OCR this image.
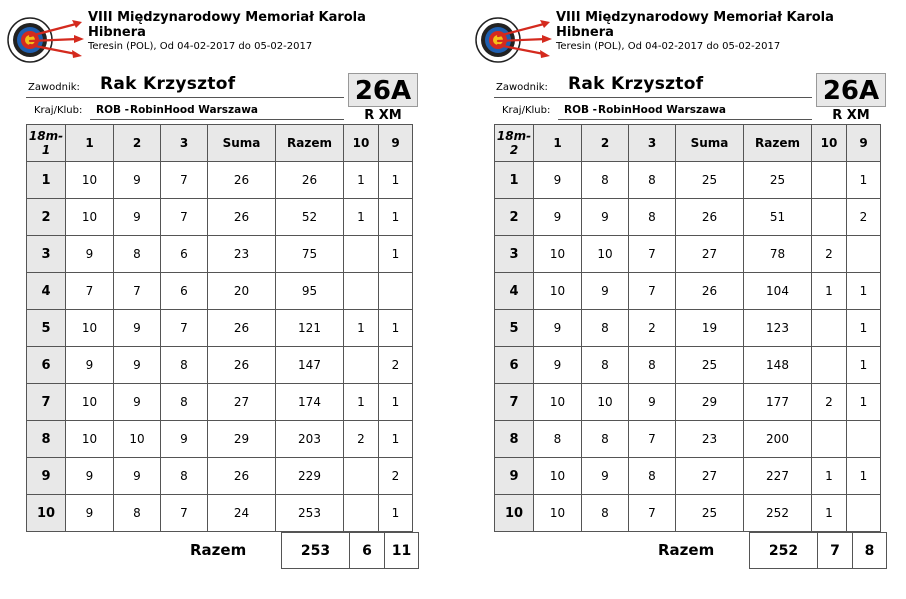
VIII Międzynarodowy Memoriał Karola Hibnera
Teresin (POL), Od 04-02-2017 do 05-02-2017
Zawodnik: Rak Krzysztof
Kraj/Klub: ROB - RobinHood Warszawa
26A
R XM
18m-1	1	2	3	Suma	Razem	10	9
1	10	9	7	26	26	1	1
2	10	9	7	26	52	1	1
3	9	8	6	23	75		1
4	7	7	6	20	95		
5	10	9	7	26	121	1	1
6	9	9	8	26	147		2
7	10	9	8	27	174	1	1
8	10	10	9	29	203	2	1
9	9	9	8	26	229		2
10	9	8	7	24	253		1
Razem	253	6	11
VIII Międzynarodowy Memoriał Karola Hibnera
Teresin (POL), Od 04-02-2017 do 05-02-2017
Zawodnik: Rak Krzysztof
Kraj/Klub: ROB - RobinHood Warszawa
26A
R XM
18m-2	1	2	3	Suma	Razem	10	9
1	9	8	8	25	25		1
2	9	9	8	26	51		2
3	10	10	7	27	78	2	
4	10	9	7	26	104	1	1
5	9	8	2	19	123		1
6	9	8	8	25	148		1
7	10	10	9	29	177	2	1
8	8	8	7	23	200		
9	10	9	8	27	227	1	1
10	10	8	7	25	252	1	
Razem	252	7	8
